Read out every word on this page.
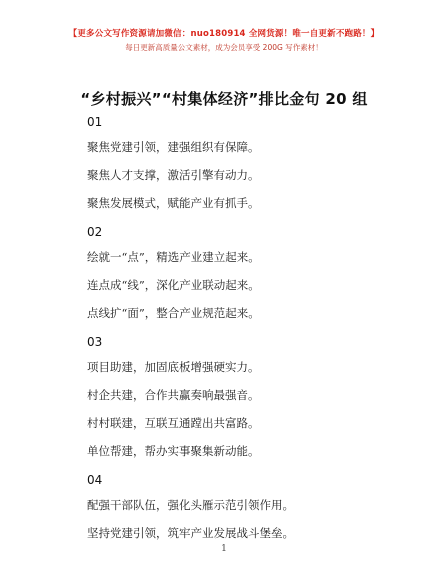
【更多公文写作资源请加微信：nuo180914 全网货源！唯一自更新不跑路！】
每日更新高质量公文素材，成为会员享受 200G 写作素材！
“乡村振兴”“村集体经济”排比金句 20 组
01
聚焦党建引领，建强组织有保障。
聚焦人才支撑，激活引擎有动力。
聚焦发展模式，赋能产业有抓手。
02
绘就一“点”，精选产业建立起来。
连点成“线”，深化产业联动起来。
点线扩“面”，整合产业规范起来。
03
项目助建，加固底板增强硬实力。
村企共建，合作共赢奏响最强音。
村村联建，互联互通蹚出共富路。
单位帮建，帮办实事聚集新动能。
04
配强干部队伍，强化头雁示范引领作用。
坚持党建引领，筑牢产业发展战斗堡垒。
1
